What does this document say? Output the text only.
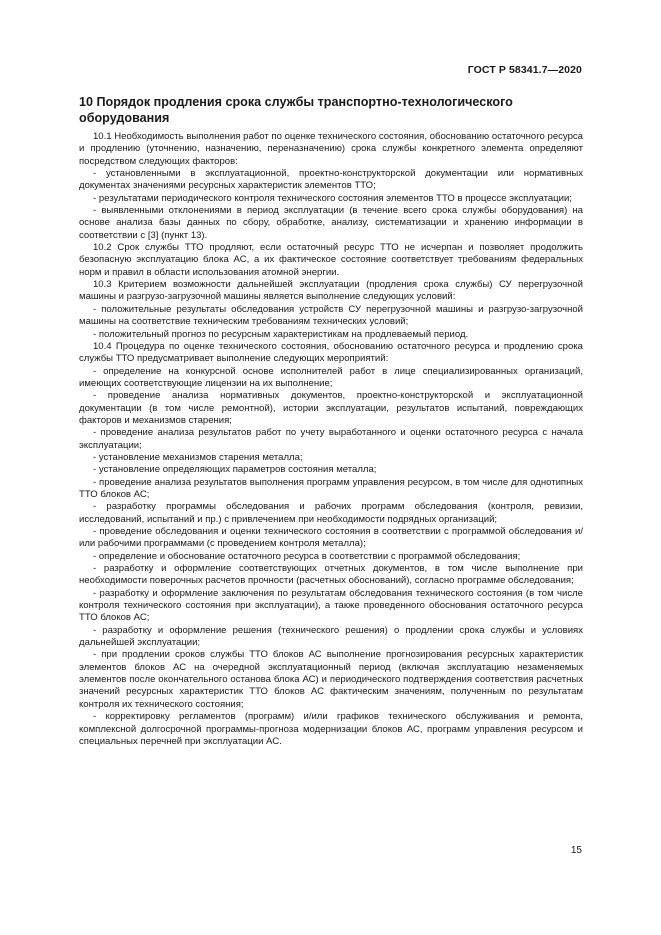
ГОСТ Р 58341.7—2020
10 Порядок продления срока службы транспортно-технологического оборудования

10.1 Необходимость выполнения работ по оценке технического состояния, обоснованию остаточного ресурса и продлению (уточнению, назначению, переназначению) срока службы конкретного элемента определяют посредством следующих факторов:

- установленными в эксплуатационной, проектно-конструкторской документации или нормативных документах значениями ресурсных характеристик элементов ТТО;

- результатами периодического контроля технического состояния элементов ТТО в процессе эксплуатации;

- выявленными отклонениями в период эксплуатации (в течение всего срока службы оборудования) на основе анализа базы данных по сбору, обработке, анализу, систематизации и хранению информации в соответствии с [3] (пункт 13).

10.2 Срок службы ТТО продляют, если остаточный ресурс ТТО не исчерпан и позволяет продолжить безопасную эксплуатацию блока АС, а их фактическое состояние соответствует требованиям федеральных норм и правил в области использования атомной энергии.

10.3 Критерием возможности дальнейшей эксплуатации (продления срока службы) СУ перегрузочной машины и разгрузо-загрузочной машины является выполнение следующих условий:

- положительные результаты обследования устройств СУ перегрузочной машины и разгрузо-загрузочной машины на соответствие техническим требованиям технических условий;

- положительный прогноз по ресурсным характеристикам на продлеваемый период.

10.4 Процедура по оценке технического состояния, обоснованию остаточного ресурса и продлению срока службы ТТО предусматривает выполнение следующих мероприятий:

- определение на конкурсной основе исполнителей работ в лице специализированных организаций, имеющих соответствующие лицензии на их выполнение;

- проведение анализа нормативных документов, проектно-конструкторской и эксплуатационной документации (в том числе ремонтной), истории эксплуатации, результатов испытаний, повреждающих факторов и механизмов старения;

- проведение анализа результатов работ по учету выработанного и оценки остаточного ресурса с начала эксплуатации;

- установление механизмов старения металла;

- установление определяющих параметров состояния металла;

- проведение анализа результатов выполнения программ управления ресурсом, в том числе для однотипных ТТО блоков АС;

- разработку программы обследования и рабочих программ обследования (контроля, ревизии, исследований, испытаний и пр.) с привлечением при необходимости подрядных организаций;

- проведение обследования и оценки технического состояния в соответствии с программой обследования и/или рабочими программами (с проведением контроля металла);

- определение и обоснование остаточного ресурса в соответствии с программой обследования;

- разработку и оформление соответствующих отчетных документов, в том числе выполнение при необходимости поверочных расчетов прочности (расчетных обоснований), согласно программе обследования;

- разработку и оформление заключения по результатам обследования технического состояния (в том числе контроля технического состояния при эксплуатации), а также проведенного обоснования остаточного ресурса ТТО блоков АС;

- разработку и оформление решения (технического решения) о продлении срока службы и условиях дальнейшей эксплуатации;

- при продлении сроков службы ТТО блоков АС выполнение прогнозирования ресурсных характеристик элементов блоков АС на очередной эксплуатационный период (включая эксплуатацию незаменяемых элементов после окончательного останова блока АС) и периодического подтверждения соответствия расчетных значений ресурсных характеристик ТТО блоков АС фактическим значениям, полученным по результатам контроля их технического состояния;

- корректировку регламентов (программ) и/или графиков технического обслуживания и ремонта, комплексной долгосрочной программы-прогноза модернизации блоков АС, программ управления ресурсом и специальных перечней при эксплуатации АС.

15
